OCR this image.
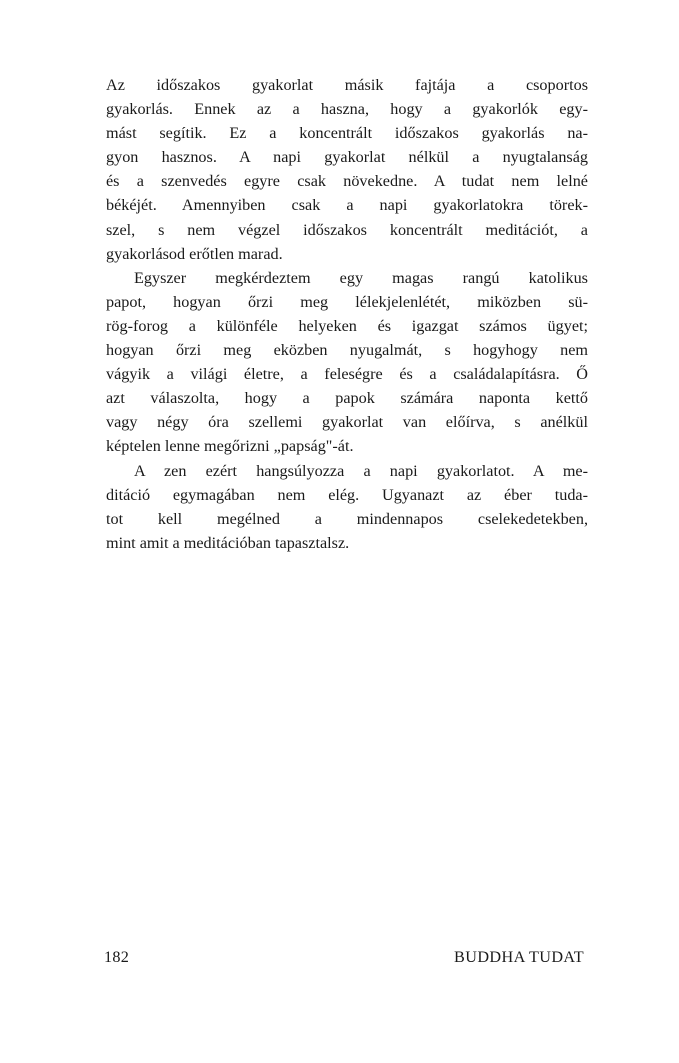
Az időszakos gyakorlat másik fajtája a csoportos
gyakorlás. Ennek az a haszna, hogy a gyakorlók egy-
mást segítik. Ez a koncentrált időszakos gyakorlás na-
gyon hasznos. A napi gyakorlat nélkül a nyugtalanság
és a szenvedés egyre csak növekedne. A tudat nem lelné
békéjét. Amennyiben csak a napi gyakorlatokra törek-
szel, s nem végzel időszakos koncentrált meditációt, a
gyakorlásod erőtlen marad.

Egyszer megkérdeztem egy magas rangú katolikus
papot, hogyan őrzi meg lélekjelenlétét, miközben sü-
rög-forog a különféle helyeken és igazgat számos ügyet;
hogyan őrzi meg eközben nyugalmát, s hogyhogy nem
vágyik a világi életre, a feleségre és a családalapításra. Ő
azt válaszolta, hogy a papok számára naponta kettő
vagy négy óra szellemi gyakorlat van előírva, s anélkül
képtelen lenne megőrizni „papság"-át.

A zen ezért hangsúlyozza a napi gyakorlatot. A me-
ditáció egymagában nem elég. Ugyanazt az éber tuda-
tot kell megélned a mindennapos cselekedetekben,
mint amit a meditációban tapasztalsz.

182	BUDDHA TUDAT
